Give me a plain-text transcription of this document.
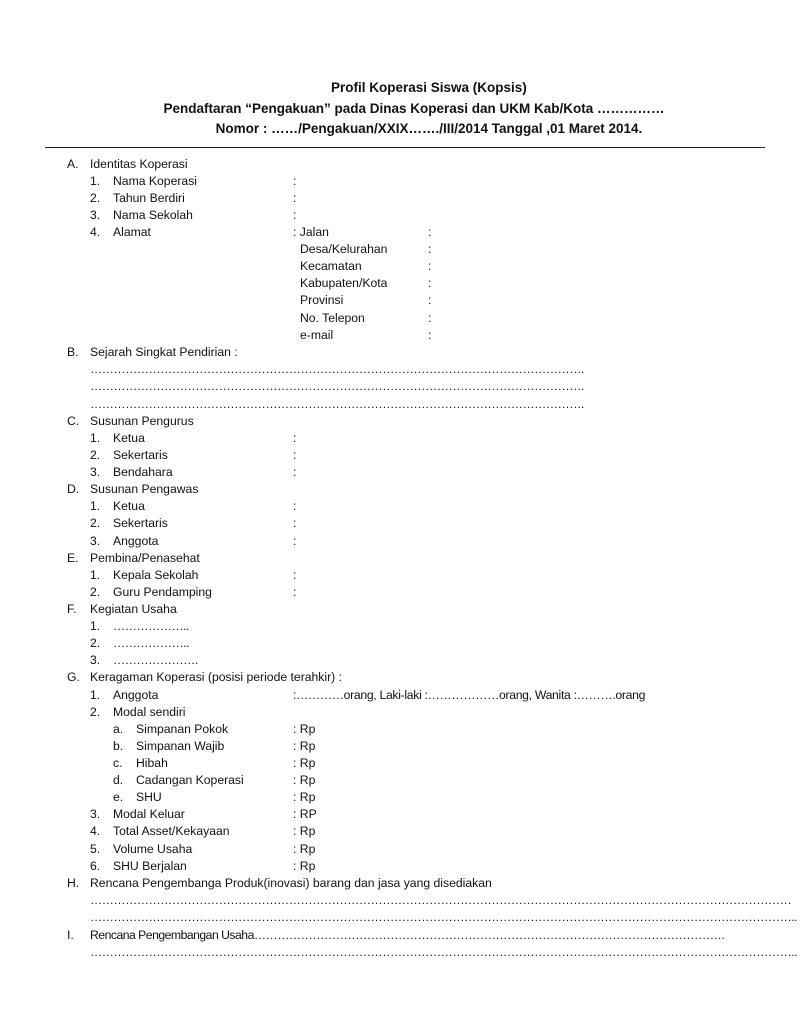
Profil Koperasi Siswa (Kopsis)
Pendaftaran “Pengakuan” pada Dinas Koperasi dan UKM Kab/Kota ……………
Nomor : ……/Pengakuan/XXIX……./III/2014 Tanggal ,01 Maret 2014.
A. Identitas Koperasi
1. Nama Koperasi	:
2. Tahun Berdiri	:
3. Nama Sekolah	:
4. Alamat	: Jalan	:
Desa/Kelurahan	:
Kecamatan	:
Kabupaten/Kota	:
Provinsi	:
No. Telepon	:
e-mail	:
B. Sejarah Singkat Pendirian :
……………………………………………………………………………………………………………….
……………………………………………………………………………………………………………….
……………………………………………………………………………………………………………….
C. Susunan Pengurus
1. Ketua	:
2. Sekertaris	:
3. Bendahara	:
D. Susunan Pengawas
1. Ketua	:
2. Sekertaris	:
3. Anggota	:
E. Pembina/Penasehat
1. Kepala Sekolah	:
2. Guru Pendamping	:
F. Kegiatan Usaha
1. ………………..
2. ………………..
3. ………………….
G. Keragaman Koperasi (posisi periode terahkir) :
1. Anggota	:…………orang, Laki-laki :………………orang, Wanita :……….orang
2. Modal sendiri
a. Simpanan Pokok	: Rp
b. Simpanan Wajib	: Rp
c. Hibah	: Rp
d. Cadangan Koperasi	: Rp
e. SHU	: Rp
3. Modal Keluar	: RP
4. Total Asset/Kekayaan	: Rp
5. Volume Usaha	: Rp
6. SHU Berjalan	: Rp
H. Rencana Pengembanga Produk(inovasi) barang dan jasa yang disediakan
………………………………………………………………………………………………………………………………………………………………
………………………………………………………………………………………………………………………………………………………………..
I. Rencana Pengembangan Usaha………………………………………………………………………………………………………….
………………………………………………………………………………………………………………………………………………………………..
